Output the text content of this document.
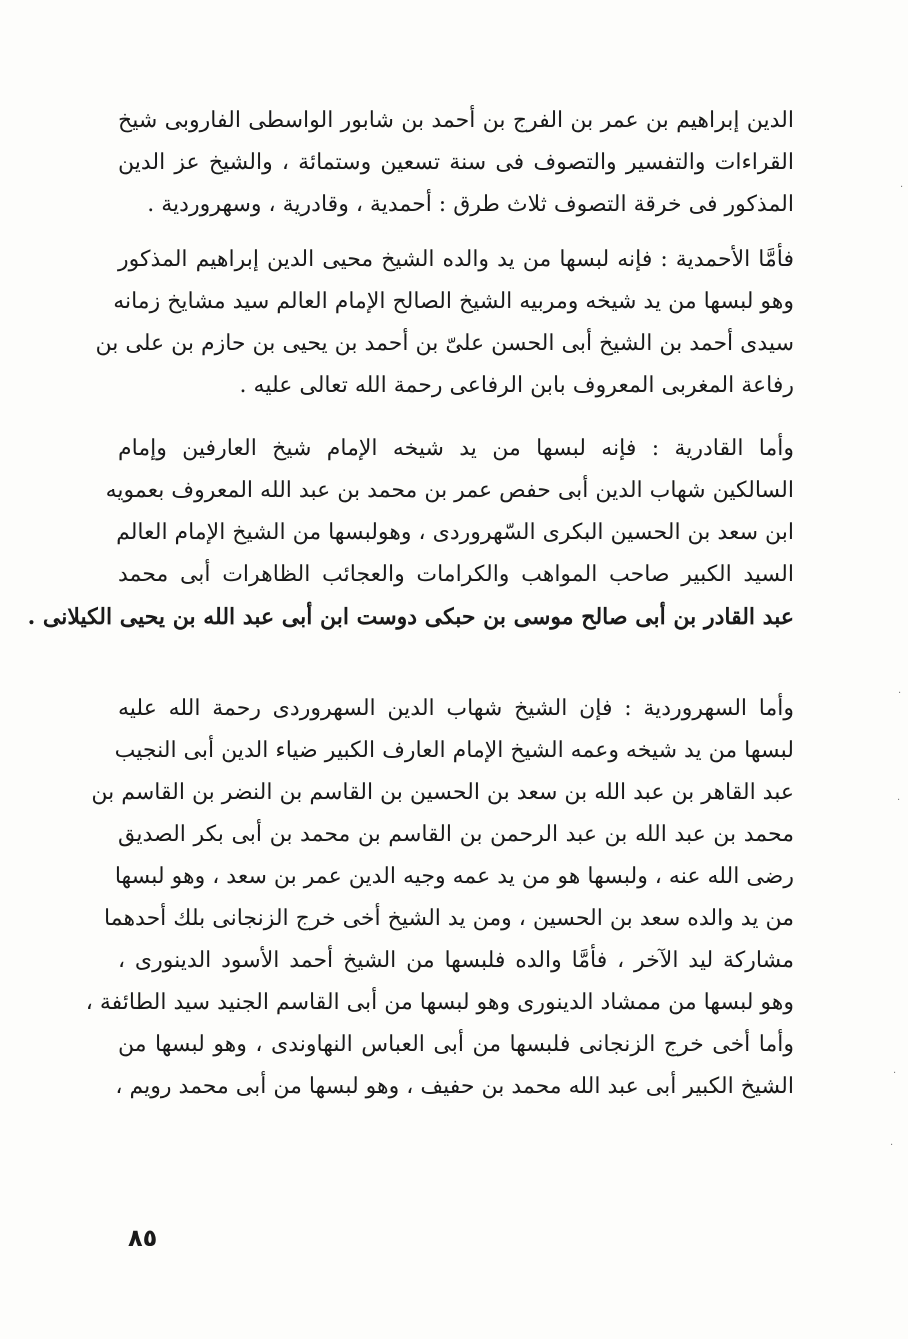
الدين إبراهيم بن عمر بن الفرج بن أحمد بن شابور الواسطى الفاروبى شيخ
القراءات والتفسير والتصوف فى سنة تسعين وستمائة ، والشيخ عز الدين
المذكور فى خرقة التصوف ثلاث طرق : أحمدية ، وقادرية ، وسهروردية .
فأمَّا الأحمدية : فإنه لبسها من يد والده الشيخ محيى الدين إبراهيم المذكور
وهو لبسها من يد شيخه ومربيه الشيخ الصالح الإمام العالم سيد مشايخ زمانه
سيدى أحمد بن الشيخ أبى الحسن علىّ بن أحمد بن يحيى بن حازم بن على بن
رفاعة المغربى المعروف بابن الرفاعى رحمة الله تعالى عليه .
وأما القادرية : فإنه لبسها من يد شيخه الإمام شيخ العارفين وإمام
السالكين شهاب الدين أبى حفص عمر بن محمد بن عبد الله المعروف بعمويه
ابن سعد بن الحسين البكرى السّهروردى ، وهولبسها من الشيخ الإمام العالم
السيد الكبير صاحب المواهب والكرامات والعجائب الظاهرات أبى محمد
عبد القادر بن أبى صالح موسى بن حبكى دوست ابن أبى عبد الله بن يحيى الكيلانى .
وأما السهروردية : فإن الشيخ شهاب الدين السهروردى رحمة الله عليه
لبسها من يد شيخه وعمه الشيخ الإمام العارف الكبير ضياء الدين أبى النجيب
عبد القاهر بن عبد الله بن سعد بن الحسين بن القاسم بن النضر بن القاسم بن
محمد بن عبد الله بن عبد الرحمن بن القاسم بن محمد بن أبى بكر الصديق
رضى الله عنه ، ولبسها هو من يد عمه وجيه الدين عمر بن سعد ، وهو لبسها
من يد والده سعد بن الحسين ، ومن يد الشيخ أخى خرج الزنجانى بلك أحدهما
مشاركة ليد الآخر ، فأمَّا والده فلبسها من الشيخ أحمد الأسود الدينورى ،
وهو لبسها من ممشاد الدينورى وهو لبسها من أبى القاسم الجنيد سيد الطائفة ،
وأما أخى خرج الزنجانى فلبسها من أبى العباس النهاوندى ، وهو لبسها من
الشيخ الكبير أبى عبد الله محمد بن حفيف ، وهو لبسها من أبى محمد رويم ،
٨٥
·
·
·
·
·
